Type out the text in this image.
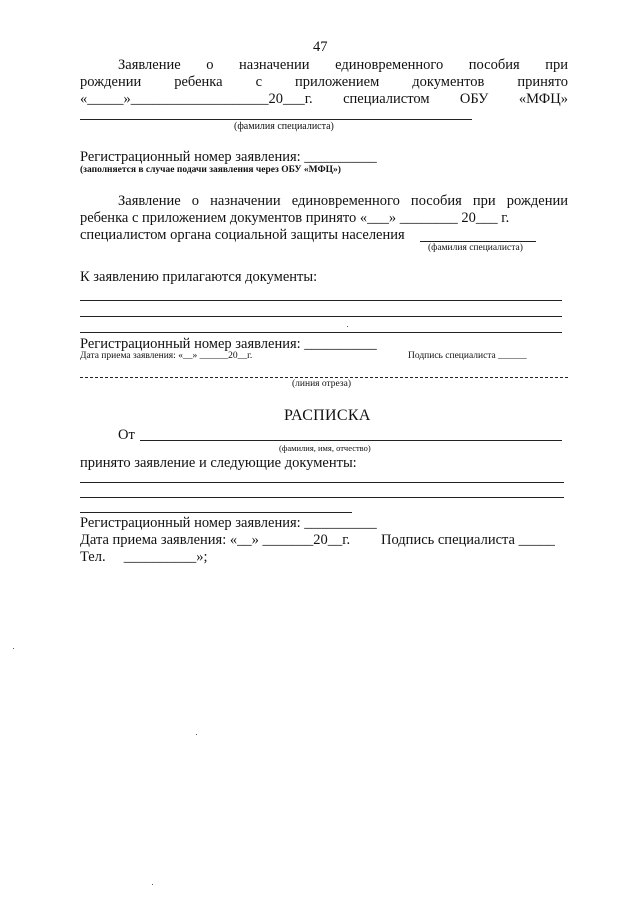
47
Заявление о назначении единовременного пособия при
рождении ребенка с приложением документов принято
«_____»___________________20___г. специалистом ОБУ «МФЦ»
(фамилия специалиста)
Регистрационный номер заявления: __________
(заполняется в случае подачи заявления через ОБУ «МФЦ»)
Заявление о назначении единовременного пособия при рождении
ребенка с приложением документов принято «___» ________ 20___ г.
специалистом органа социальной защиты населения
(фамилия специалиста)
К заявлению прилагаются документы:
Регистрационный номер заявления: __________
Дата приема заявления: «__» ______20__г.	Подпись специалиста ______
(линия отреза)
РАСПИСКА
От
(фамилия, имя, отчество)
принято заявление и следующие документы:
Регистрационный номер заявления: __________
Дата приема заявления: «__» _______20__г. Подпись специалиста _____
Тел.     __________»;
